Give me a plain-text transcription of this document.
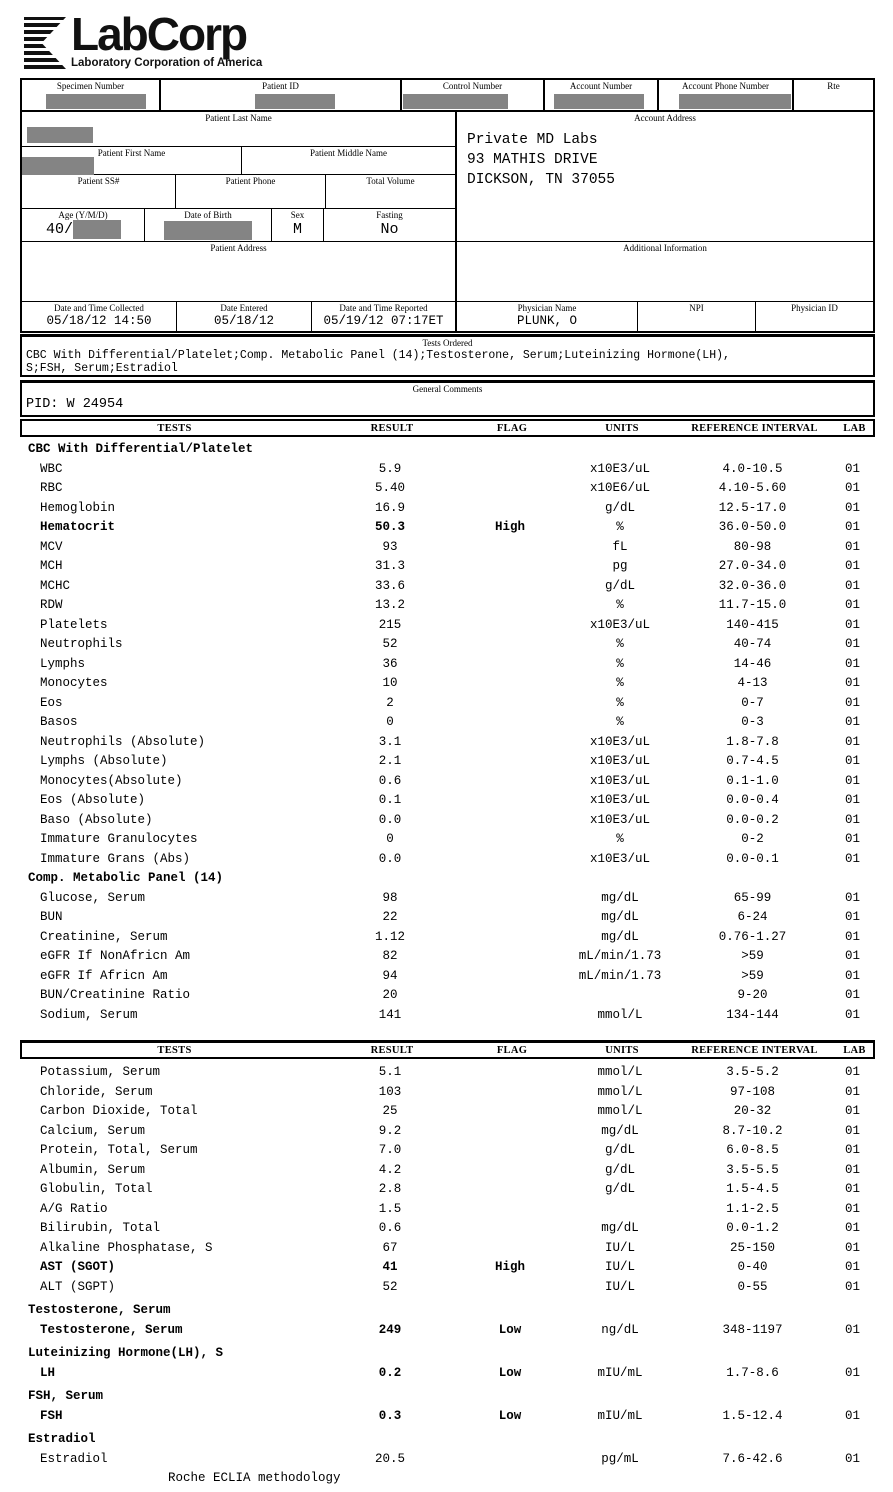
LabCorp
Laboratory Corporation of America
Specimen Number	Patient ID	Control Number	Account Number	Account Phone Number	Rte
Patient Last Name
Patient First Name	Patient Middle Name
Patient SS#	Patient Phone	Total Volume
Age (Y/M/D)
40/
Date of Birth	Sex
M
Fasting
No
Patient Address
Date and Time Collected
05/18/12 14:50
Date Entered
05/18/12
Date and Time Reported
05/19/12 07:17ET
Account Address
Private MD Labs
93 MATHIS DRIVE
DICKSON, TN 37055
Additional Information
Physician Name
PLUNK, O
NPI	Physician ID
Tests Ordered
CBC With Differential/Platelet;Comp. Metabolic Panel (14);Testosterone, Serum;Luteinizing Hormone(LH),
S;FSH, Serum;Estradiol
General Comments
PID: W 24954
TESTS	RESULT	FLAG	UNITS	REFERENCE INTERVAL	LAB
CBC With Differential/Platelet
WBC	5.9	x10E3/uL	4.0-10.5	01
RBC	5.40	x10E6/uL	4.10-5.60	01
Hemoglobin	16.9	g/dL	12.5-17.0	01
Hematocrit	50.3	High	%	36.0-50.0	01
MCV	93	fL	80-98	01
MCH	31.3	pg	27.0-34.0	01
MCHC	33.6	g/dL	32.0-36.0	01
RDW	13.2	%	11.7-15.0	01
Platelets	215	x10E3/uL	140-415	01
Neutrophils	52	%	40-74	01
Lymphs	36	%	14-46	01
Monocytes	10	%	4-13	01
Eos	2	%	0-7	01
Basos	0	%	0-3	01
Neutrophils (Absolute)	3.1	x10E3/uL	1.8-7.8	01
Lymphs (Absolute)	2.1	x10E3/uL	0.7-4.5	01
Monocytes(Absolute)	0.6	x10E3/uL	0.1-1.0	01
Eos (Absolute)	0.1	x10E3/uL	0.0-0.4	01
Baso (Absolute)	0.0	x10E3/uL	0.0-0.2	01
Immature Granulocytes	0	%	0-2	01
Immature Grans (Abs)	0.0	x10E3/uL	0.0-0.1	01
Comp. Metabolic Panel (14)
Glucose, Serum	98	mg/dL	65-99	01
BUN	22	mg/dL	6-24	01
Creatinine, Serum	1.12	mg/dL	0.76-1.27	01
eGFR If NonAfricn Am	82	mL/min/1.73	>59	01
eGFR If Africn Am	94	mL/min/1.73	>59	01
BUN/Creatinine Ratio	20	9-20	01
Sodium, Serum	141	mmol/L	134-144	01
TESTS	RESULT	FLAG	UNITS	REFERENCE INTERVAL	LAB
Potassium, Serum	5.1	mmol/L	3.5-5.2	01
Chloride, Serum	103	mmol/L	97-108	01
Carbon Dioxide, Total	25	mmol/L	20-32	01
Calcium, Serum	9.2	mg/dL	8.7-10.2	01
Protein, Total, Serum	7.0	g/dL	6.0-8.5	01
Albumin, Serum	4.2	g/dL	3.5-5.5	01
Globulin, Total	2.8	g/dL	1.5-4.5	01
A/G Ratio	1.5	1.1-2.5	01
Bilirubin, Total	0.6	mg/dL	0.0-1.2	01
Alkaline Phosphatase, S	67	IU/L	25-150	01
AST (SGOT)	41	High	IU/L	0-40	01
ALT (SGPT)	52	IU/L	0-55	01
Testosterone, Serum
Testosterone, Serum	249	Low	ng/dL	348-1197	01
Luteinizing Hormone(LH), S
LH	0.2	Low	mIU/mL	1.7-8.6	01
FSH, Serum
FSH	0.3	Low	mIU/mL	1.5-12.4	01
Estradiol
Estradiol	20.5	pg/mL	7.6-42.6	01
Roche ECLIA methodology
